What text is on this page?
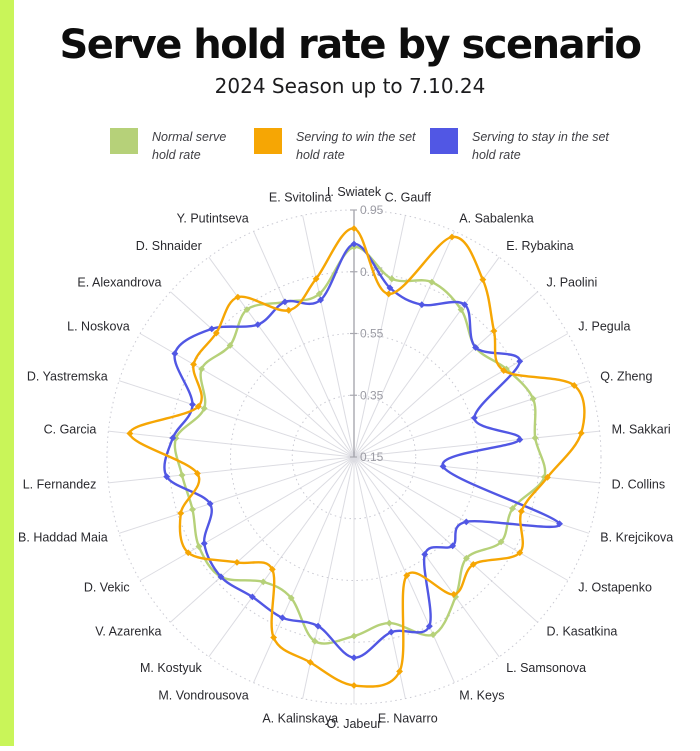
Serve hold rate by scenario
2024 Season up to 7.10.24
Normal serve
hold rate
Serving to win the set
hold rate
Serving to stay in the set
hold rate
0.15
0.35
0.55
0.75
0.95
I. Swiatek C. Gauff
A. Sabalenka
E. Rybakina
J. Paolini
J. Pegula
Q. Zheng
M. Sakkari
D. Collins
B. Krejcikova
J. Ostapenko
D. Kasatkina
L. Samsonova
M. Keys
E. Navarro
O. Jabeur
A. Kalinskaya
M. Vondrousova
M. Kostyuk
V. Azarenka
D. Vekic
B. Haddad Maia
L. Fernandez
C. Garcia
D. Yastremska
L. Noskova
E. Alexandrova
D. Shnaider
Y. Putintseva
E. Svitolina
